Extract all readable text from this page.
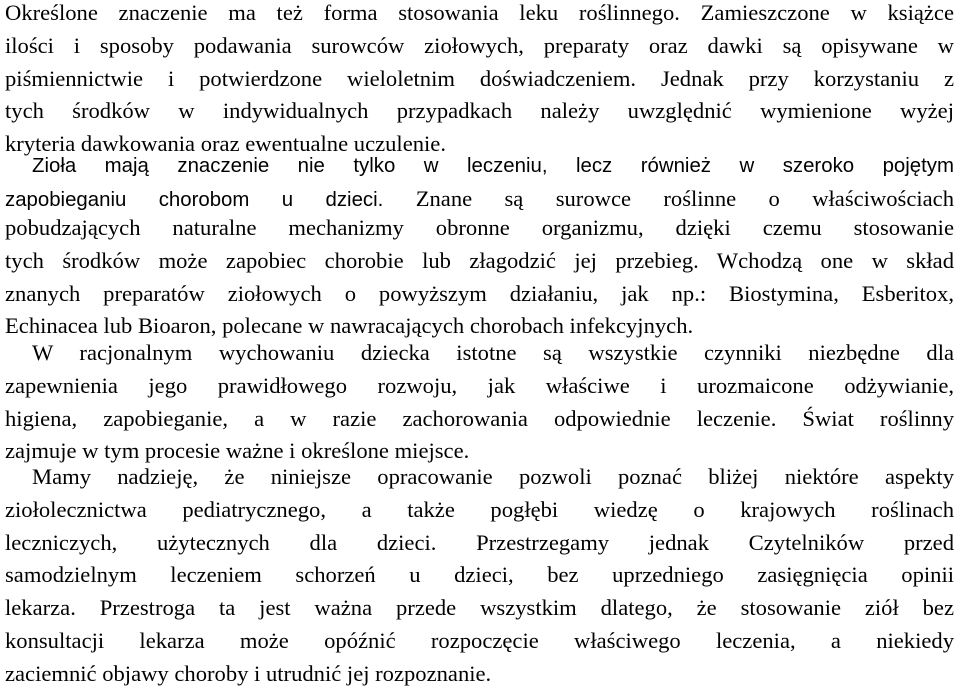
Określone znaczenie ma też forma stosowania leku roślinnego. Zamieszczone w książce
ilości i sposoby podawania surowców ziołowych, preparaty oraz dawki są opisywane w
piśmiennictwie i potwierdzone wieloletnim doświadczeniem. Jednak przy korzystaniu z
tych środków w indywidualnych przypadkach należy uwzględnić wymienione wyżej
kryteria dawkowania oraz ewentualne uczulenie.
Zioła mają znaczenie nie tylko w leczeniu, lecz również w szeroko pojętym
zapobieganiu chorobom u dzieci. Znane są surowce roślinne o właściwościach
pobudzających naturalne mechanizmy obronne organizmu, dzięki czemu stosowanie
tych środków może zapobiec chorobie lub złagodzić jej przebieg. Wchodzą one w skład
znanych preparatów ziołowych o powyższym działaniu, jak np.: Biostymina, Esberitox,
Echinacea lub Bioaron, polecane w nawracających chorobach infekcyjnych.
W racjonalnym wychowaniu dziecka istotne są wszystkie czynniki niezbędne dla
zapewnienia jego prawidłowego rozwoju, jak właściwe i urozmaicone odżywianie,
higiena, zapobieganie, a w razie zachorowania odpowiednie leczenie. Świat roślinny
zajmuje w tym procesie ważne i określone miejsce.
Mamy nadzieję, że niniejsze opracowanie pozwoli poznać bliżej niektóre aspekty
ziołolecznictwa pediatrycznego, a także pogłębi wiedzę o krajowych roślinach
leczniczych, użytecznych dla dzieci. Przestrzegamy jednak Czytelników przed
samodzielnym leczeniem schorzeń u dzieci, bez uprzedniego zasięgnięcia opinii
lekarza. Przestroga ta jest ważna przede wszystkim dlatego, że stosowanie ziół bez
konsultacji lekarza może opóźnić rozpoczęcie właściwego leczenia, a niekiedy
zaciemnić objawy choroby i utrudnić jej rozpoznanie.
